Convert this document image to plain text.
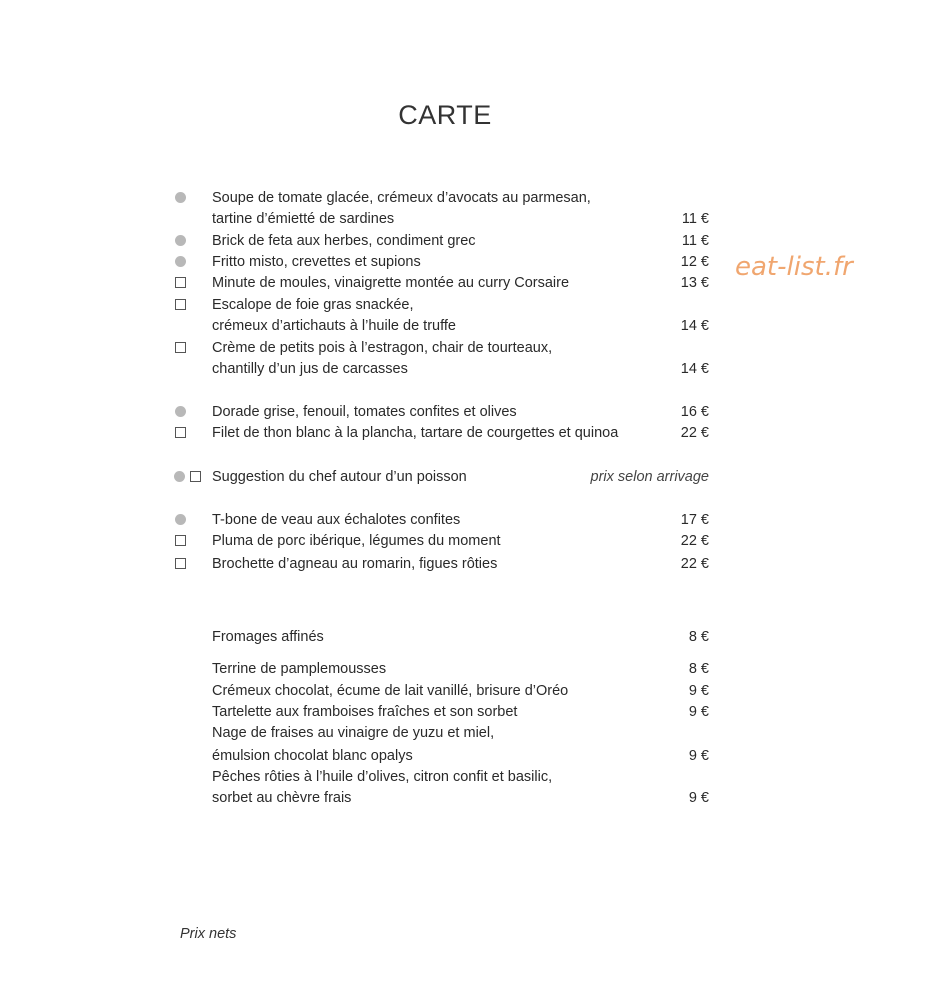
CARTE
eat-list.fr
Soupe de tomate glacée, crémeux d’avocats au parmesan,
tartine d’émietté de sardines	11 €
Brick de feta aux herbes, condiment grec	11 €
Fritto misto, crevettes et supions	12 €
Minute de moules, vinaigrette montée au curry Corsaire	13 €
Escalope de foie gras snackée,
crémeux d’artichauts à l’huile de truffe	14 €
Crème de petits pois à l’estragon, chair de tourteaux,
chantilly d’un jus de carcasses	14 €
Dorade grise, fenouil, tomates confites et olives	16 €
Filet de thon blanc à la plancha, tartare de courgettes et quinoa	22 €
Suggestion du chef autour d’un poisson	prix selon arrivage
T-bone de veau aux échalotes confites	17 €
Pluma de porc ibérique, légumes du moment	22 €
Brochette d’agneau au romarin, figues rôties	22 €
Fromages affinés	8 €
Terrine de pamplemousses	8 €
Crémeux chocolat, écume de lait vanillé, brisure d’Oréo	9 €
Tartelette aux framboises fraîches et son sorbet	9 €
Nage de fraises au vinaigre de yuzu et miel,
émulsion chocolat blanc opalys	9 €
Pêches rôties à l’huile d’olives, citron confit et basilic,
sorbet au chèvre frais	9 €
Prix nets
